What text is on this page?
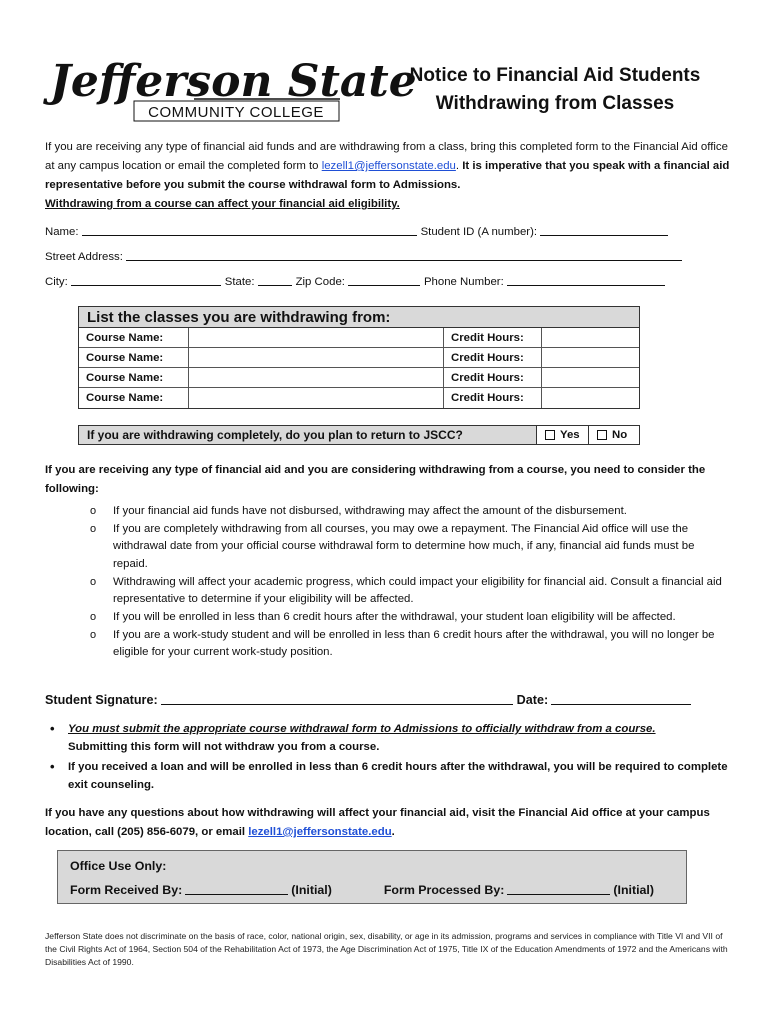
Jefferson State
COMMUNITY COLLEGE
Notice to Financial Aid Students
Withdrawing from Classes
If you are receiving any type of financial aid funds and are withdrawing from a class, bring this completed form to the Financial Aid office at any campus location or email the completed form to lezell1@jeffersonstate.edu. It is imperative that you speak with a financial aid representative before you submit the course withdrawal form to Admissions.
Withdrawing from a course can affect your financial aid eligibility.
Name:	Student ID (A number):
Street Address:
City:	State:	Zip Code:	Phone Number:
List the classes you are withdrawing from:
Course Name:	Credit Hours:
Course Name:	Credit Hours:
Course Name:	Credit Hours:
Course Name:	Credit Hours:
If you are withdrawing completely, do you plan to return to JSCC?	Yes	No
If you are receiving any type of financial aid and you are considering withdrawing from a course, you need to consider the following:
o If your financial aid funds have not disbursed, withdrawing may affect the amount of the disbursement.
o If you are completely withdrawing from all courses, you may owe a repayment. The Financial Aid office will use the withdrawal date from your official course withdrawal form to determine how much, if any, financial aid funds must be repaid.
o Withdrawing will affect your academic progress, which could impact your eligibility for financial aid. Consult a financial aid representative to determine if your eligibility will be affected.
o If you will be enrolled in less than 6 credit hours after the withdrawal, your student loan eligibility will be affected.
o If you are a work-study student and will be enrolled in less than 6 credit hours after the withdrawal, you will no longer be eligible for your current work-study position.
Student Signature:	Date:
• You must submit the appropriate course withdrawal form to Admissions to officially withdraw from a course.
Submitting this form will not withdraw you from a course.
• If you received a loan and will be enrolled in less than 6 credit hours after the withdrawal, you will be required to complete exit counseling.
If you have any questions about how withdrawing will affect your financial aid, visit the Financial Aid office at your campus location, call (205) 856-6079, or email lezell1@jeffersonstate.edu.
Office Use Only:
Form Received By:	(Initial)	Form Processed By:	(Initial)
Jefferson State does not discriminate on the basis of race, color, national origin, sex, disability, or age in its admission, programs and services in compliance with Title VI and VII of the Civil Rights Act of 1964, Section 504 of the Rehabilitation Act of 1973, the Age Discrimination Act of 1975, Title IX of the Education Amendments of 1972 and the Americans with Disabilities Act of 1990.
